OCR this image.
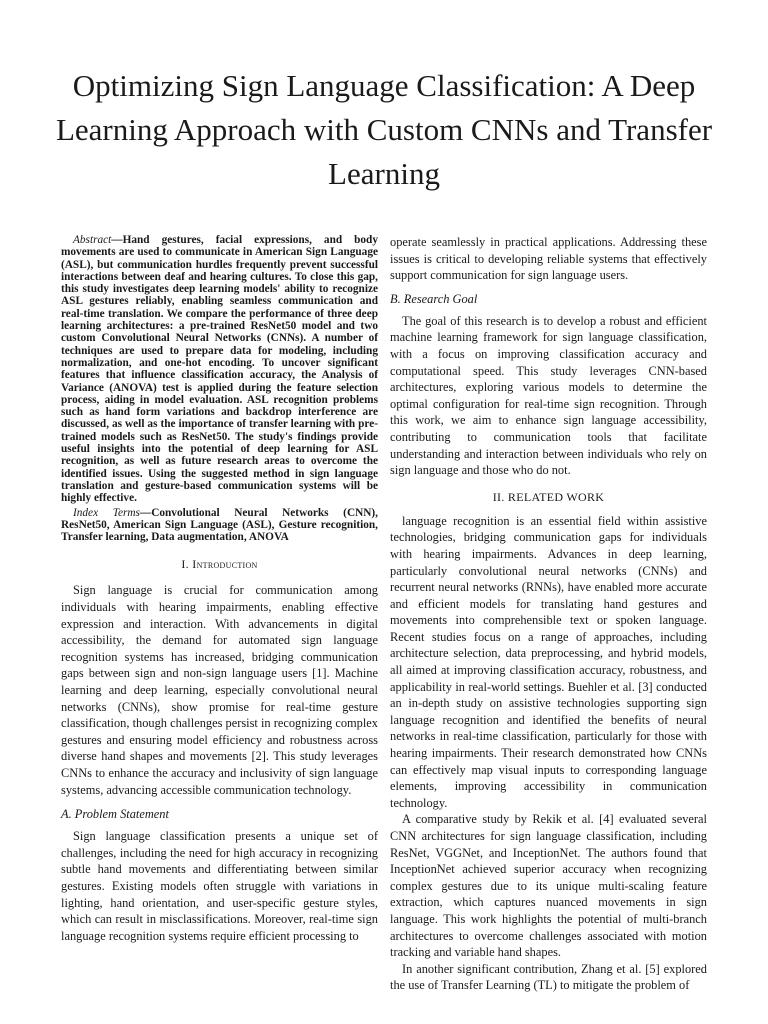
Optimizing Sign Language Classification: A Deep Learning Approach with Custom CNNs and Transfer Learning

Abstract—Hand gestures, facial expressions, and body movements are used to communicate in American Sign Language (ASL), but communication hurdles frequently prevent successful interactions between deaf and hearing cultures. To close this gap, this study investigates deep learning models' ability to recognize ASL gestures reliably, enabling seamless communication and real-time translation. We compare the performance of three deep learning architectures: a pre-trained ResNet50 model and two custom Convolutional Neural Networks (CNNs). A number of techniques are used to prepare data for modeling, including normalization, and one-hot encoding. To uncover significant features that influence classification accuracy, the Analysis of Variance (ANOVA) test is applied during the feature selection process, aiding in model evaluation. ASL recognition problems such as hand form variations and backdrop interference are discussed, as well as the importance of transfer learning with pre-trained models such as ResNet50. The study's findings provide useful insights into the potential of deep learning for ASL recognition, as well as future research areas to overcome the identified issues. Using the suggested method in sign language translation and gesture-based communication systems will be highly effective.

Index Terms—Convolutional Neural Networks (CNN), ResNet50, American Sign Language (ASL), Gesture recognition, Transfer learning, Data augmentation, ANOVA

I. Introduction

Sign language is crucial for communication among individuals with hearing impairments, enabling effective expression and interaction. With advancements in digital accessibility, the demand for automated sign language recognition systems has increased, bridging communication gaps between sign and non-sign language users [1]. Machine learning and deep learning, especially convolutional neural networks (CNNs), show promise for real-time gesture classification, though challenges persist in recognizing complex gestures and ensuring model efficiency and robustness across diverse hand shapes and movements [2]. This study leverages CNNs to enhance the accuracy and inclusivity of sign language systems, advancing accessible communication technology.

A. Problem Statement

Sign language classification presents a unique set of challenges, including the need for high accuracy in recognizing subtle hand movements and differentiating between similar gestures. Existing models often struggle with variations in lighting, hand orientation, and user-specific gesture styles, which can result in misclassifications. Moreover, real-time sign language recognition systems require efficient processing to

operate seamlessly in practical applications. Addressing these issues is critical to developing reliable systems that effectively support communication for sign language users.

B. Research Goal

The goal of this research is to develop a robust and efficient machine learning framework for sign language classification, with a focus on improving classification accuracy and computational speed. This study leverages CNN-based architectures, exploring various models to determine the optimal configuration for real-time sign recognition. Through this work, we aim to enhance sign language accessibility, contributing to communication tools that facilitate understanding and interaction between individuals who rely on sign language and those who do not.

II. RELATED WORK

language recognition is an essential field within assistive technologies, bridging communication gaps for individuals with hearing impairments. Advances in deep learning, particularly convolutional neural networks (CNNs) and recurrent neural networks (RNNs), have enabled more accurate and efficient models for translating hand gestures and movements into comprehensible text or spoken language. Recent studies focus on a range of approaches, including architecture selection, data preprocessing, and hybrid models, all aimed at improving classification accuracy, robustness, and applicability in real-world settings. Buehler et al. [3] conducted an in-depth study on assistive technologies supporting sign language recognition and identified the benefits of neural networks in real-time classification, particularly for those with hearing impairments. Their research demonstrated how CNNs can effectively map visual inputs to corresponding language elements, improving accessibility in communication technology.

A comparative study by Rekik et al. [4] evaluated several CNN architectures for sign language classification, including ResNet, VGGNet, and InceptionNet. The authors found that InceptionNet achieved superior accuracy when recognizing complex gestures due to its unique multi-scaling feature extraction, which captures nuanced movements in sign language. This work highlights the potential of multi-branch architectures to overcome challenges associated with motion tracking and variable hand shapes.

In another significant contribution, Zhang et al. [5] explored the use of Transfer Learning (TL) to mitigate the problem of
